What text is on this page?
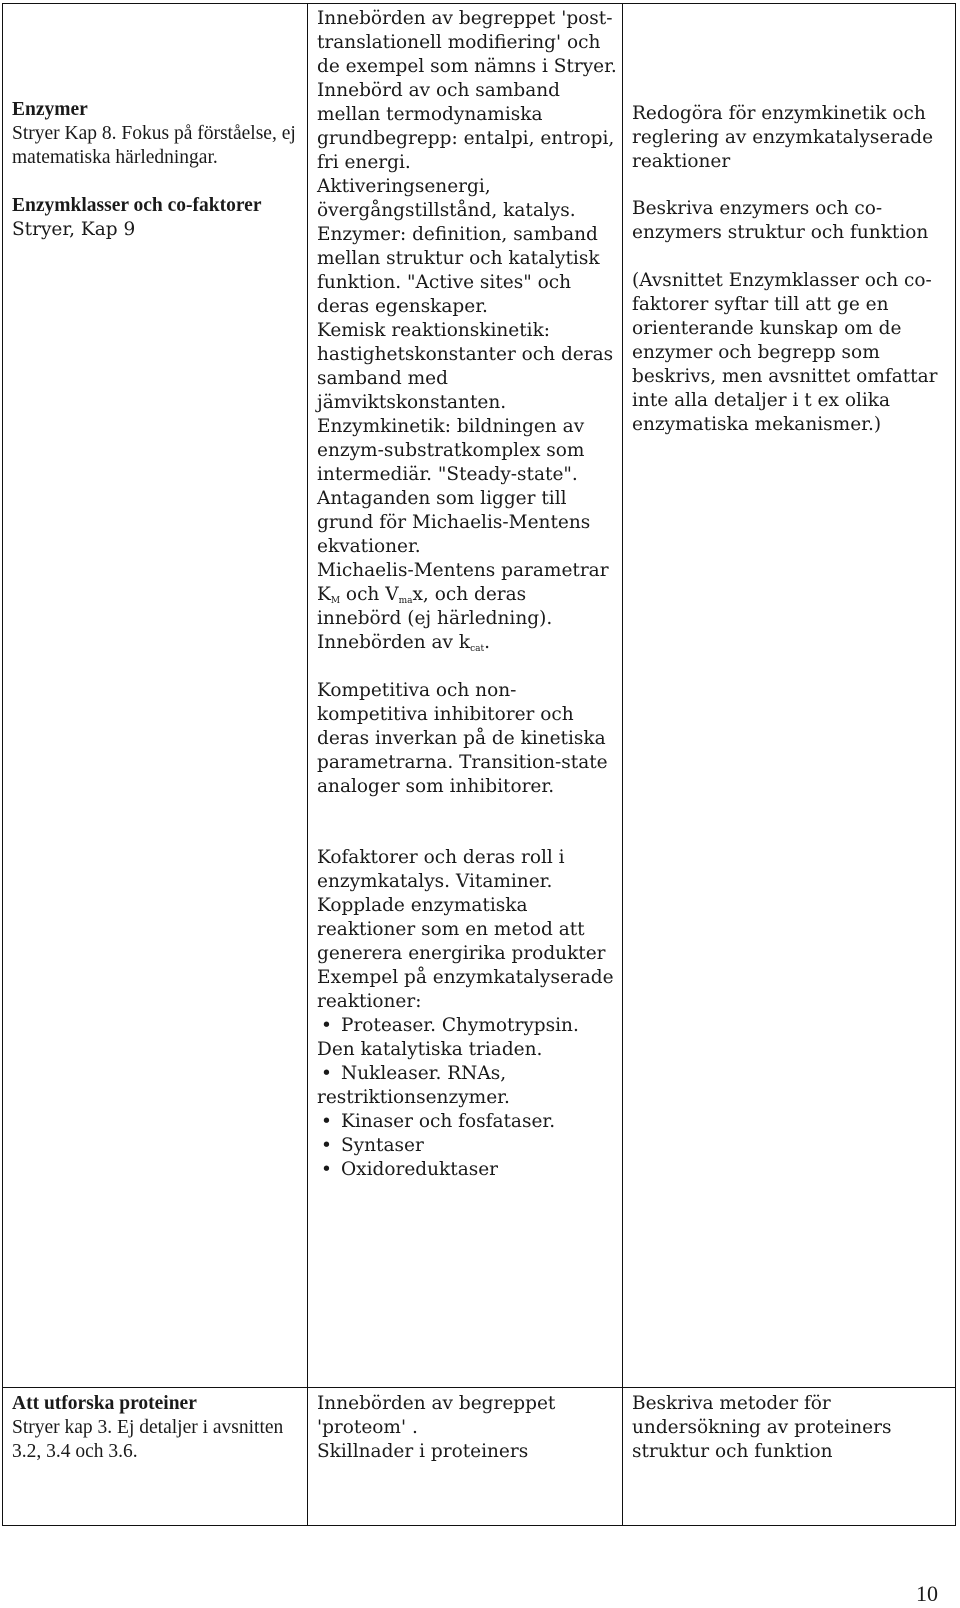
Enzymer

Stryer Kap 8. Fokus på förståelse, ej matematiska härledningar.

Enzymklasser och co-faktorer

Stryer, Kap 9

Innebörden av begreppet 'post-translationell modifiering' och de exempel som nämns i Stryer.

Innebörd av och samband mellan termodynamiska grundbegrepp: entalpi, entropi, fri energi.

Aktiveringsenergi, övergångstillstånd, katalys.

Enzymer: definition, samband mellan struktur och katalytisk funktion. "Active sites" och deras egenskaper.

Kemisk reaktionskinetik: hastighetskonstanter och deras samband med jämviktskonstanten.

Enzymkinetik: bildningen av enzym-substratkomplex som intermediär. "Steady-state". Antaganden som ligger till grund för Michaelis-Mentens ekvationer.

Michaelis-Mentens parametrar

$K_M$ och $V_{ma}x$, och deras

innebörd (ej härledning).

Innebörden av $k_{cat}$.

Kompetitiva och non-kompetitiva inhibitorer och deras inverkan på de kinetiska parametrarna. Transition-state analoger som inhibitorer.

Kofaktorer och deras roll i enzymkatalys. Vitaminer.

Kopplade enzymatiska reaktioner som en metod att generera energirika produkter

Exempel på enzymkatalyserade reaktioner:

• Proteaser. Chymotrypsin.
Den katalytiska triaden.
• Nukleaser. RNAs,
restriktionsenzymer.
• Kinaser och fosfataser.
• Syntaser
• Oxidoreduktaser

Redogöra för enzymkinetik och reglering av enzymkatalyserade reaktioner

Beskriva enzymers och co-enzymers struktur och funktion

(Avsnittet Enzymklasser och co-faktorer syftar till att ge en orienterande kunskap om de enzymer och begrepp som beskrivs, men avsnittet omfattar inte alla detaljer i t ex olika enzymatiska mekanismer.)

Att utforska proteiner

Stryer kap 3. Ej detaljer i avsnitten 3.2, 3.4 och 3.6.

Innebörden av begreppet 'proteom' .

Skillnader i proteiners

Beskriva metoder för undersökning av proteiners struktur och funktion

10
